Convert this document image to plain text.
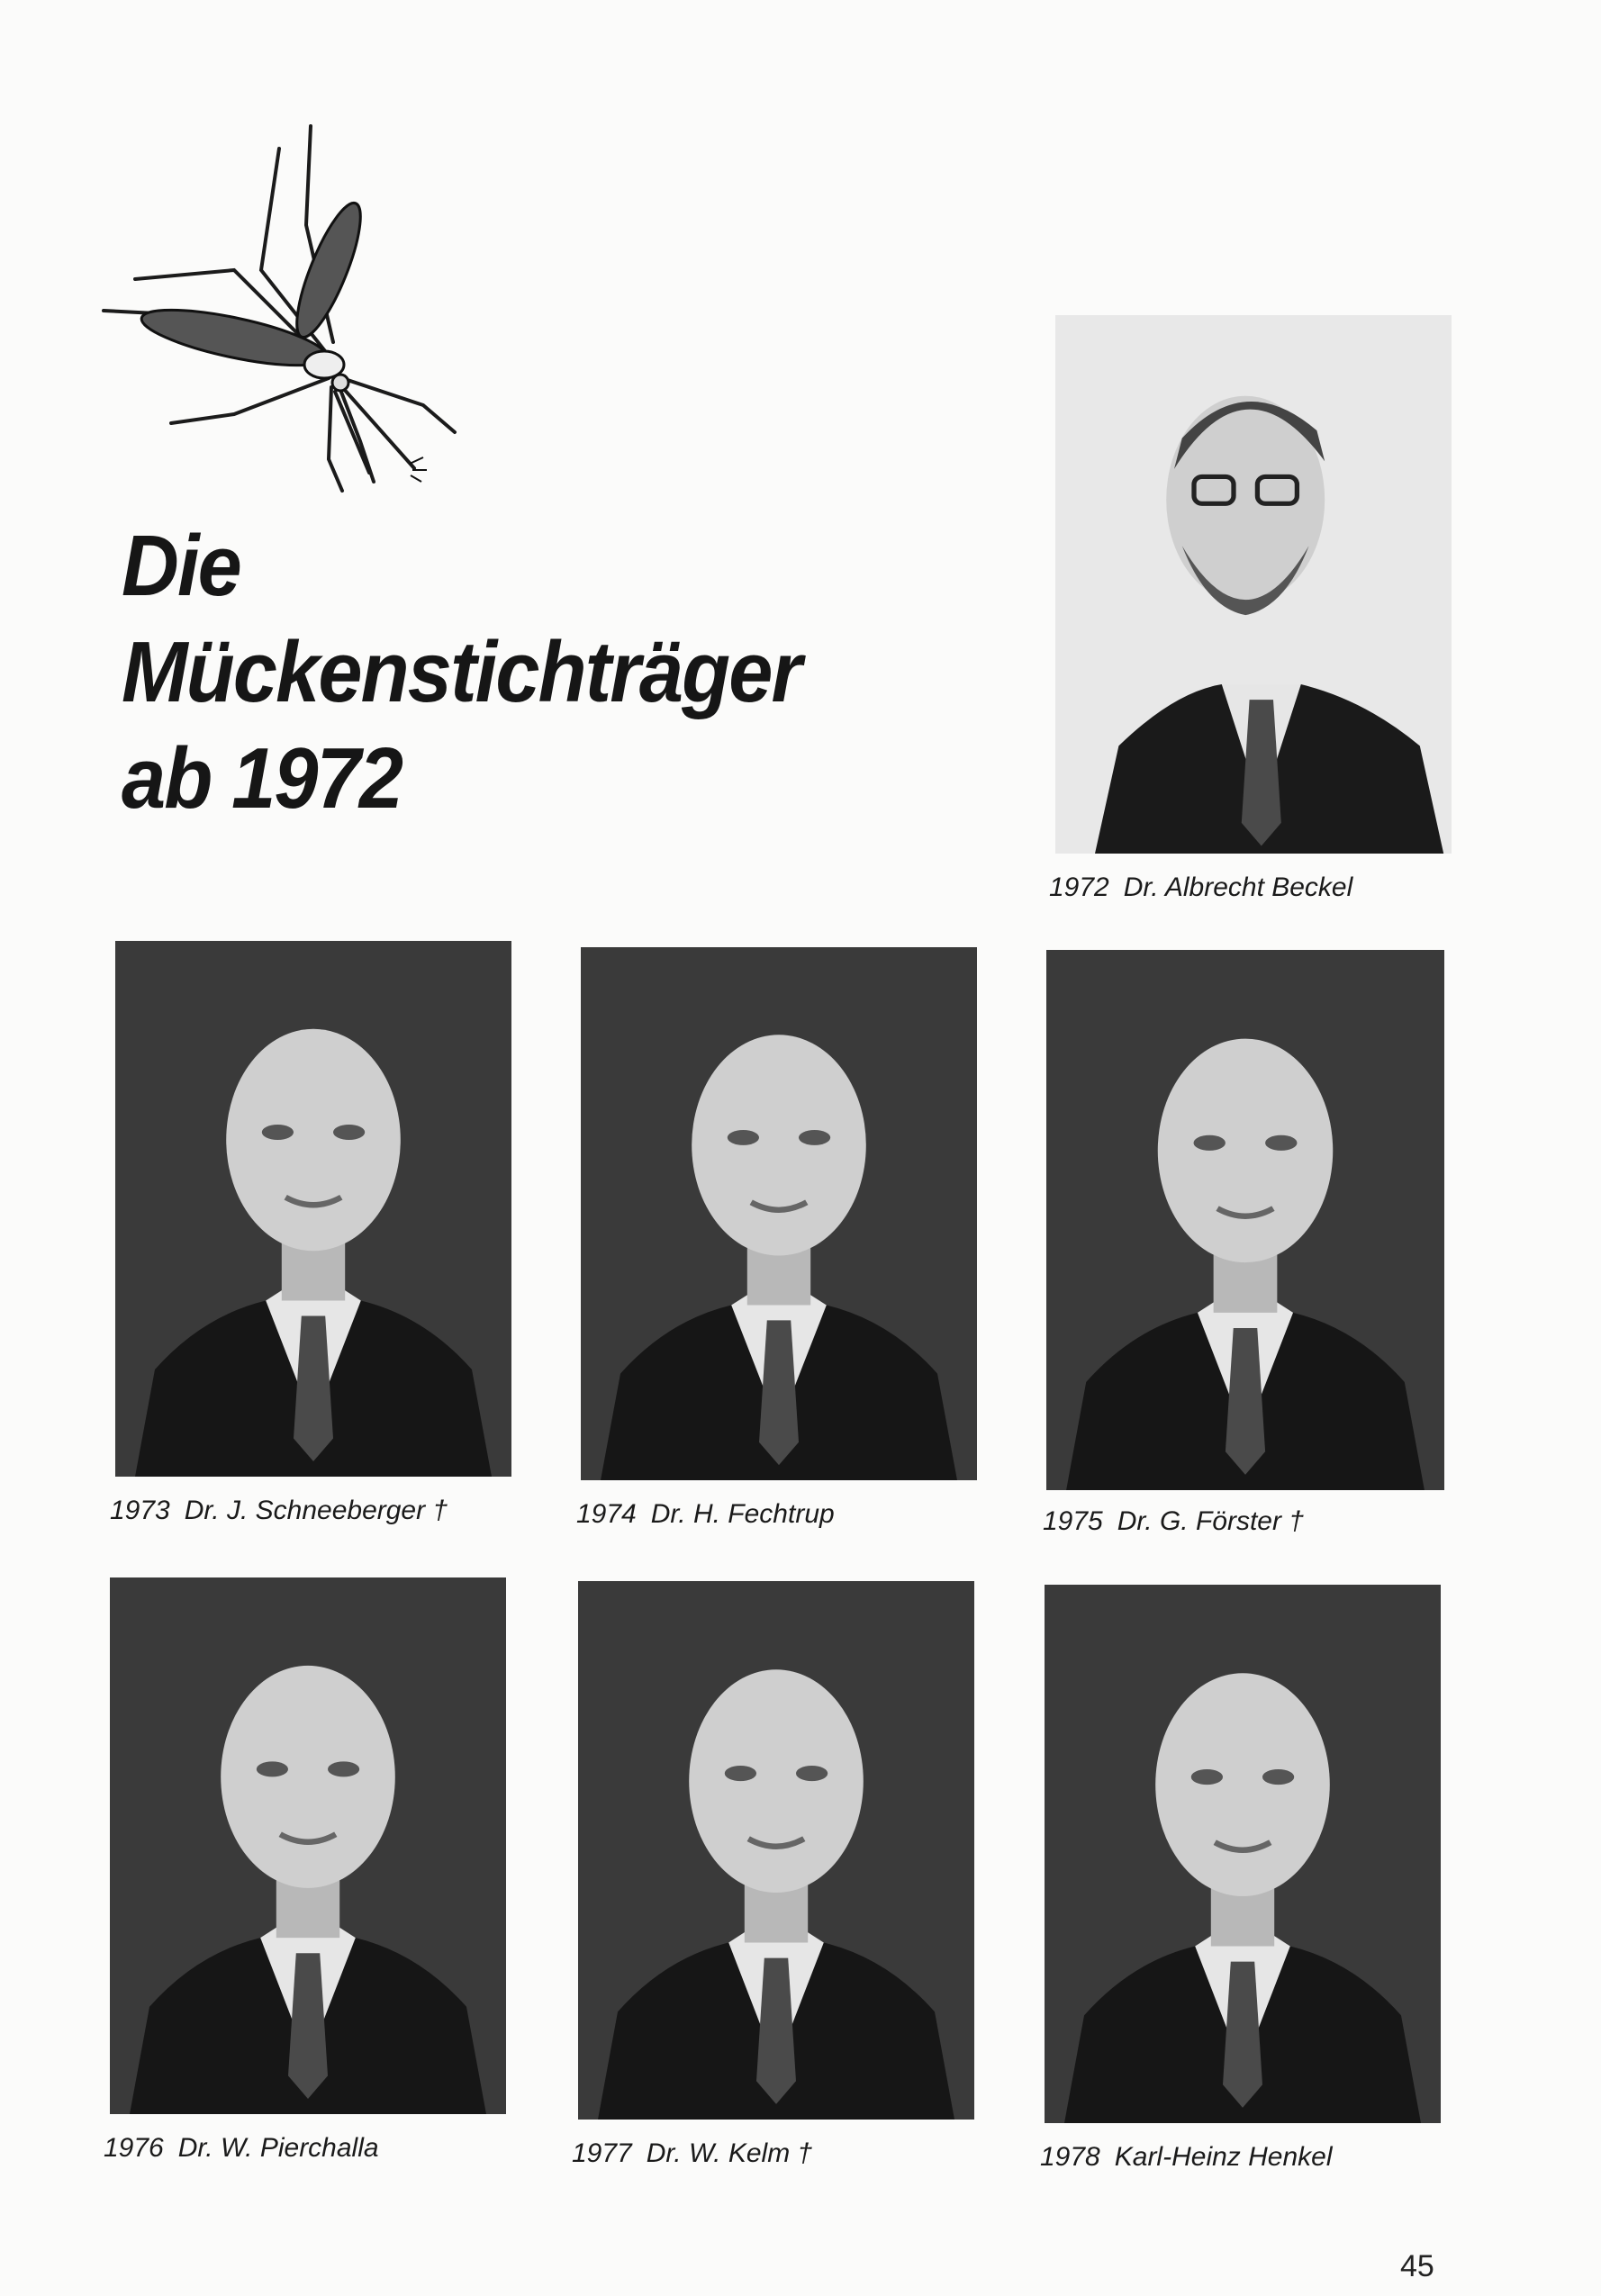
Die
Mückenstichträger
ab 1972

1972 Dr. Albrecht Beckel

1973 Dr. J. Schneeberger †	1974 Dr. H. Fechtrup	1975 Dr. G. Förster †

1976 Dr. W. Pierchalla	1977 Dr. W. Kelm †	1978 Karl-Heinz Henkel

45
